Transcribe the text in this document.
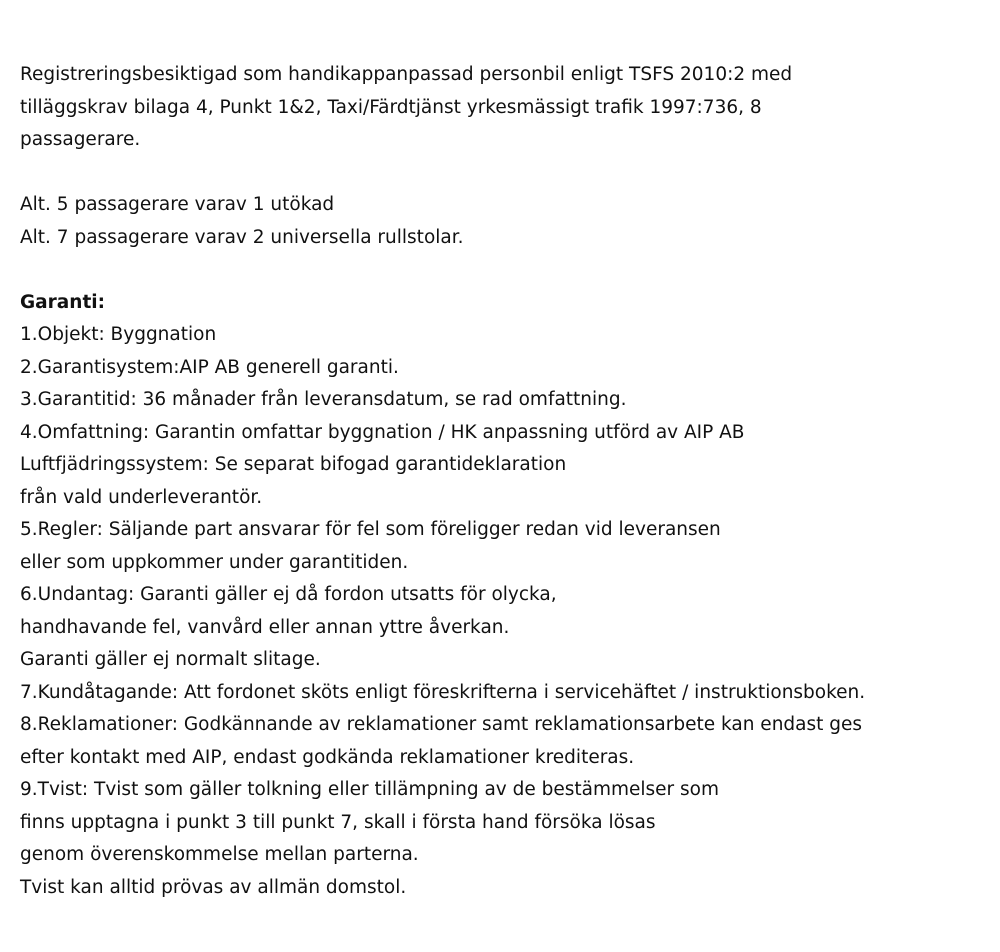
Registreringsbesiktigad som handikappanpassad personbil enligt TSFS 2010:2 med
tilläggskrav bilaga 4, Punkt 1&2, Taxi/Färdtjänst yrkesmässigt trafik 1997:736, 8
passagerare.
Alt. 5 passagerare varav 1 utökad
Alt. 7 passagerare varav 2 universella rullstolar.
Garanti:
1.Objekt: Byggnation
2.Garantisystem:AIP AB generell garanti.
3.Garantitid: 36 månader från leveransdatum, se rad omfattning.
4.Omfattning: Garantin omfattar byggnation / HK anpassning utförd av AIP AB
Luftfjädringssystem: Se separat bifogad garantideklaration
från vald underleverantör.
5.Regler: Säljande part ansvarar för fel som föreligger redan vid leveransen
eller som uppkommer under garantitiden.
6.Undantag: Garanti gäller ej då fordon utsatts för olycka,
handhavande fel, vanvård eller annan yttre åverkan.
Garanti gäller ej normalt slitage.
7.Kundåtagande: Att fordonet sköts enligt föreskrifterna i servicehäftet / instruktionsboken.
8.Reklamationer: Godkännande av reklamationer samt reklamationsarbete kan endast ges
efter kontakt med AIP, endast godkända reklamationer krediteras.
9.Tvist: Tvist som gäller tolkning eller tillämpning av de bestämmelser som
finns upptagna i punkt 3 till punkt 7, skall i första hand försöka lösas
genom överenskommelse mellan parterna.
Tvist kan alltid prövas av allmän domstol.
